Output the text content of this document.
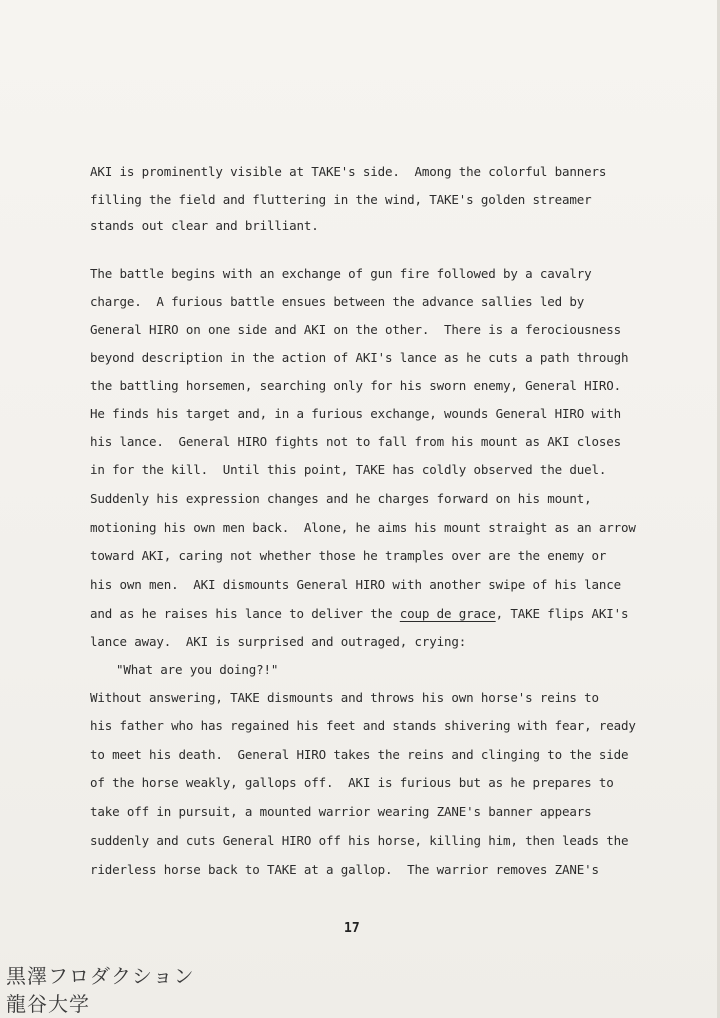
AKI is prominently visible at TAKE's side.  Among the colorful banners
filling the field and fluttering in the wind, TAKE's golden streamer
stands out clear and brilliant.
The battle begins with an exchange of gun fire followed by a cavalry
charge.  A furious battle ensues between the advance sallies led by
General HIRO on one side and AKI on the other.  There is a ferociousness
beyond description in the action of AKI's lance as he cuts a path through
the battling horsemen, searching only for his sworn enemy, General HIRO.
He finds his target and, in a furious exchange, wounds General HIRO with
his lance.  General HIRO fights not to fall from his mount as AKI closes
in for the kill.  Until this point, TAKE has coldly observed the duel.
Suddenly his expression changes and he charges forward on his mount,
motioning his own men back.  Alone, he aims his mount straight as an arrow
toward AKI, caring not whether those he tramples over are the enemy or
his own men.  AKI dismounts General HIRO with another swipe of his lance
and as he raises his lance to deliver the coup de grace, TAKE flips AKI's
lance away.  AKI is surprised and outraged, crying:
"What are you doing?!"
Without answering, TAKE dismounts and throws his own horse's reins to
his father who has regained his feet and stands shivering with fear, ready
to meet his death.  General HIRO takes the reins and clinging to the side
of the horse weakly, gallops off.  AKI is furious but as he prepares to
take off in pursuit, a mounted warrior wearing ZANE's banner appears
suddenly and cuts General HIRO off his horse, killing him, then leads the
riderless horse back to TAKE at a gallop.  The warrior removes ZANE's
17
黒澤フロダクション
龍谷大学
